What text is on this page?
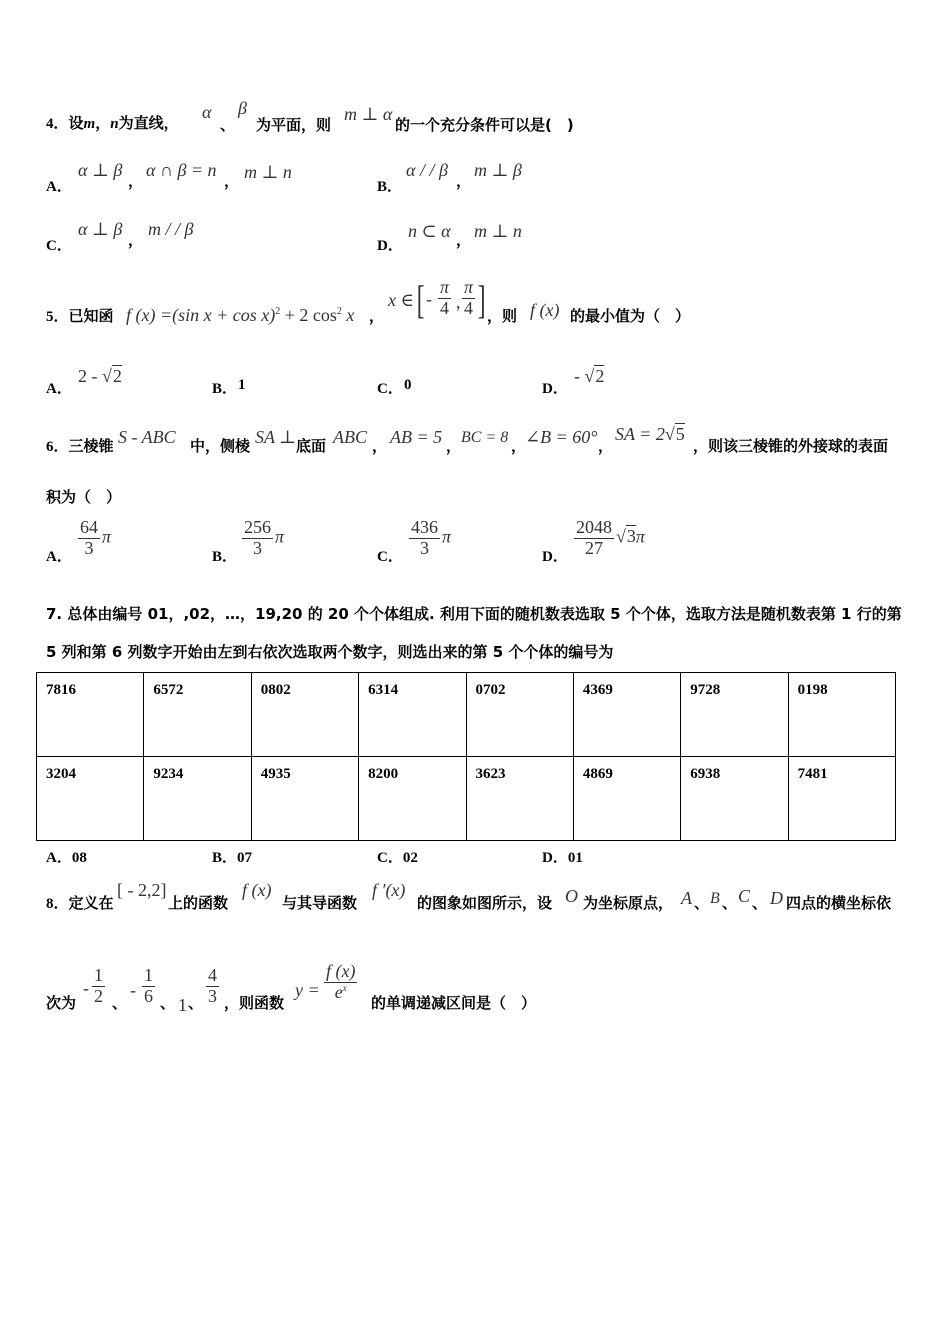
4．设m，n为直线，
α
、
β
为平面，则
m ⊥ α
的一个充分条件可以是(　)
A．
α ⊥ β
，
α ∩ β = n
， m ⊥ n
B．
α / / β
，
m ⊥ β
C．
α ⊥ β
，
m / / β
D．
n ⊂ α ， m ⊥ n
5．已知函 f (x) =(sin x + cos x)$^2$ + 2 $\cos^2 x$ ，
x ∈ [ - $\frac{\pi}{4}$ , $\frac{\pi}{4}$ ] ，则 f (x) 的最小值为（　）
A．
2 - √2
B． 1	C． 0	D．
- √2
6．三棱锥 S - ABC 中，侧棱 SA ⊥ 底面 ABC ， AB = 5 ， BC = 8 ，
∠B = 60° ，
SA = 2√5
，则该三棱锥的外接球的表面
积为（　）
A． $\frac{64}{3}$ π
B． $\frac{256}{3}$ π
C． $\frac{436}{3}$ π
D． $\frac{2048}{27} √3\pi$
7. 总体由编号 01，,02，…，19,20 的 20 个个体组成. 利用下面的随机数表选取 5 个个体，选取方法是随机数表第 1 行的第
5 列和第 6 列数字开始由左到右依次选取两个数字，则选出来的第 5 个个体的编号为
7816	6572	0802	6314	0702	4369	9728	0198
3204	9234	4935	8200	3623	4869	6938	7481
A．08	B．07	C．02	D．01
8．定义在
[ - 2,2]
上的函数
f (x)
与其导函数
f ′(x)
的图象如图所示，设 O 为坐标原点， A 、 B 、 C 、 D 四点的横坐标依
次为
- $\frac{1}{2}$ 、
- $\frac{1}{6}$ 、 1 、 $\frac{4}{3}$ ，则函数
$y = \frac{f (x)}{e^x}$
的单调递减区间是（　）
